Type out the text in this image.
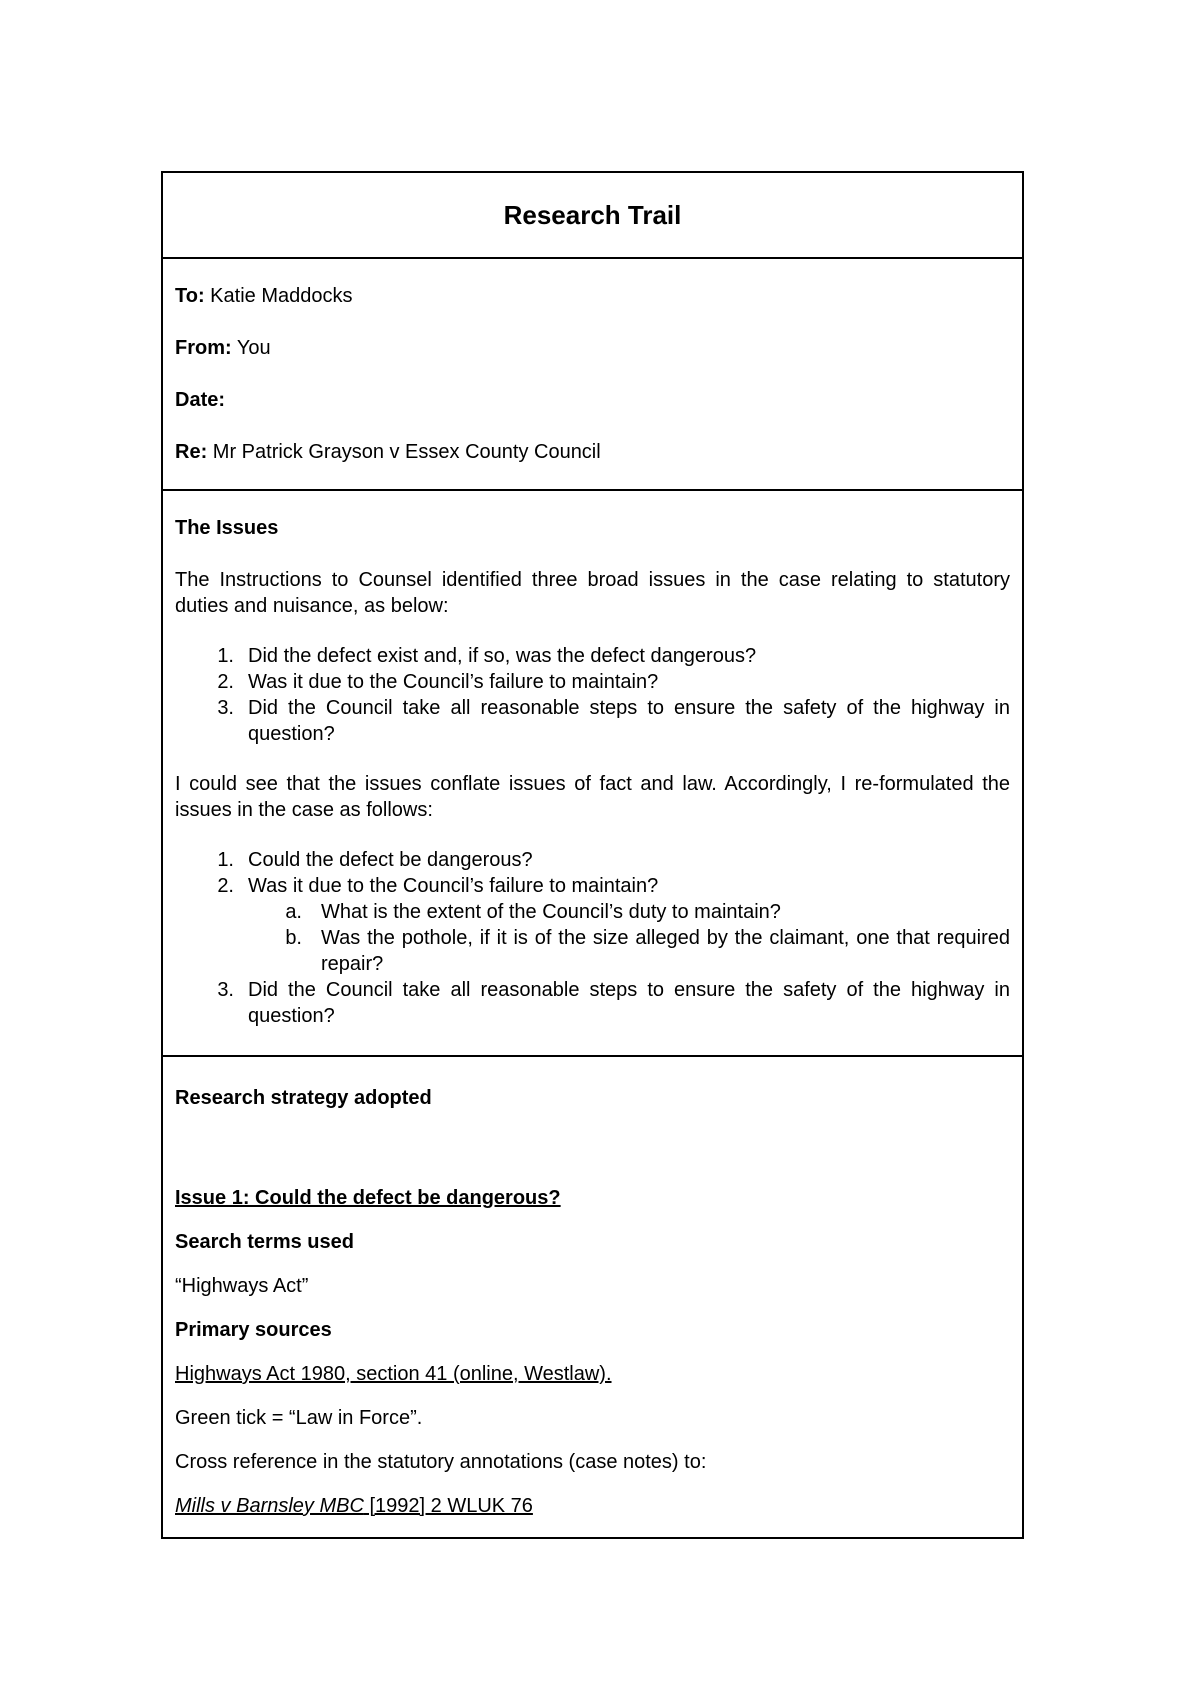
Research Trail

To: Katie Maddocks

From: You

Date:

Re: Mr Patrick Grayson v Essex County Council

The Issues

The Instructions to Counsel identified three broad issues in the case relating to statutory duties and nuisance, as below:

1. Did the defect exist and, if so, was the defect dangerous?
2. Was it due to the Council’s failure to maintain?
3. Did the Council take all reasonable steps to ensure the safety of the highway in question?

I could see that the issues conflate issues of fact and law. Accordingly, I re-formulated the issues in the case as follows:

1. Could the defect be dangerous?
2. Was it due to the Council’s failure to maintain?
a. What is the extent of the Council’s duty to maintain?
b. Was the pothole, if it is of the size alleged by the claimant, one that required repair?
3. Did the Council take all reasonable steps to ensure the safety of the highway in question?

Research strategy adopted

Issue 1: Could the defect be dangerous?

Search terms used

“Highways Act”

Primary sources

Highways Act 1980, section 41 (online, Westlaw).

Green tick = “Law in Force”.

Cross reference in the statutory annotations (case notes) to:

Mills v Barnsley MBC [1992] 2 WLUK 76
